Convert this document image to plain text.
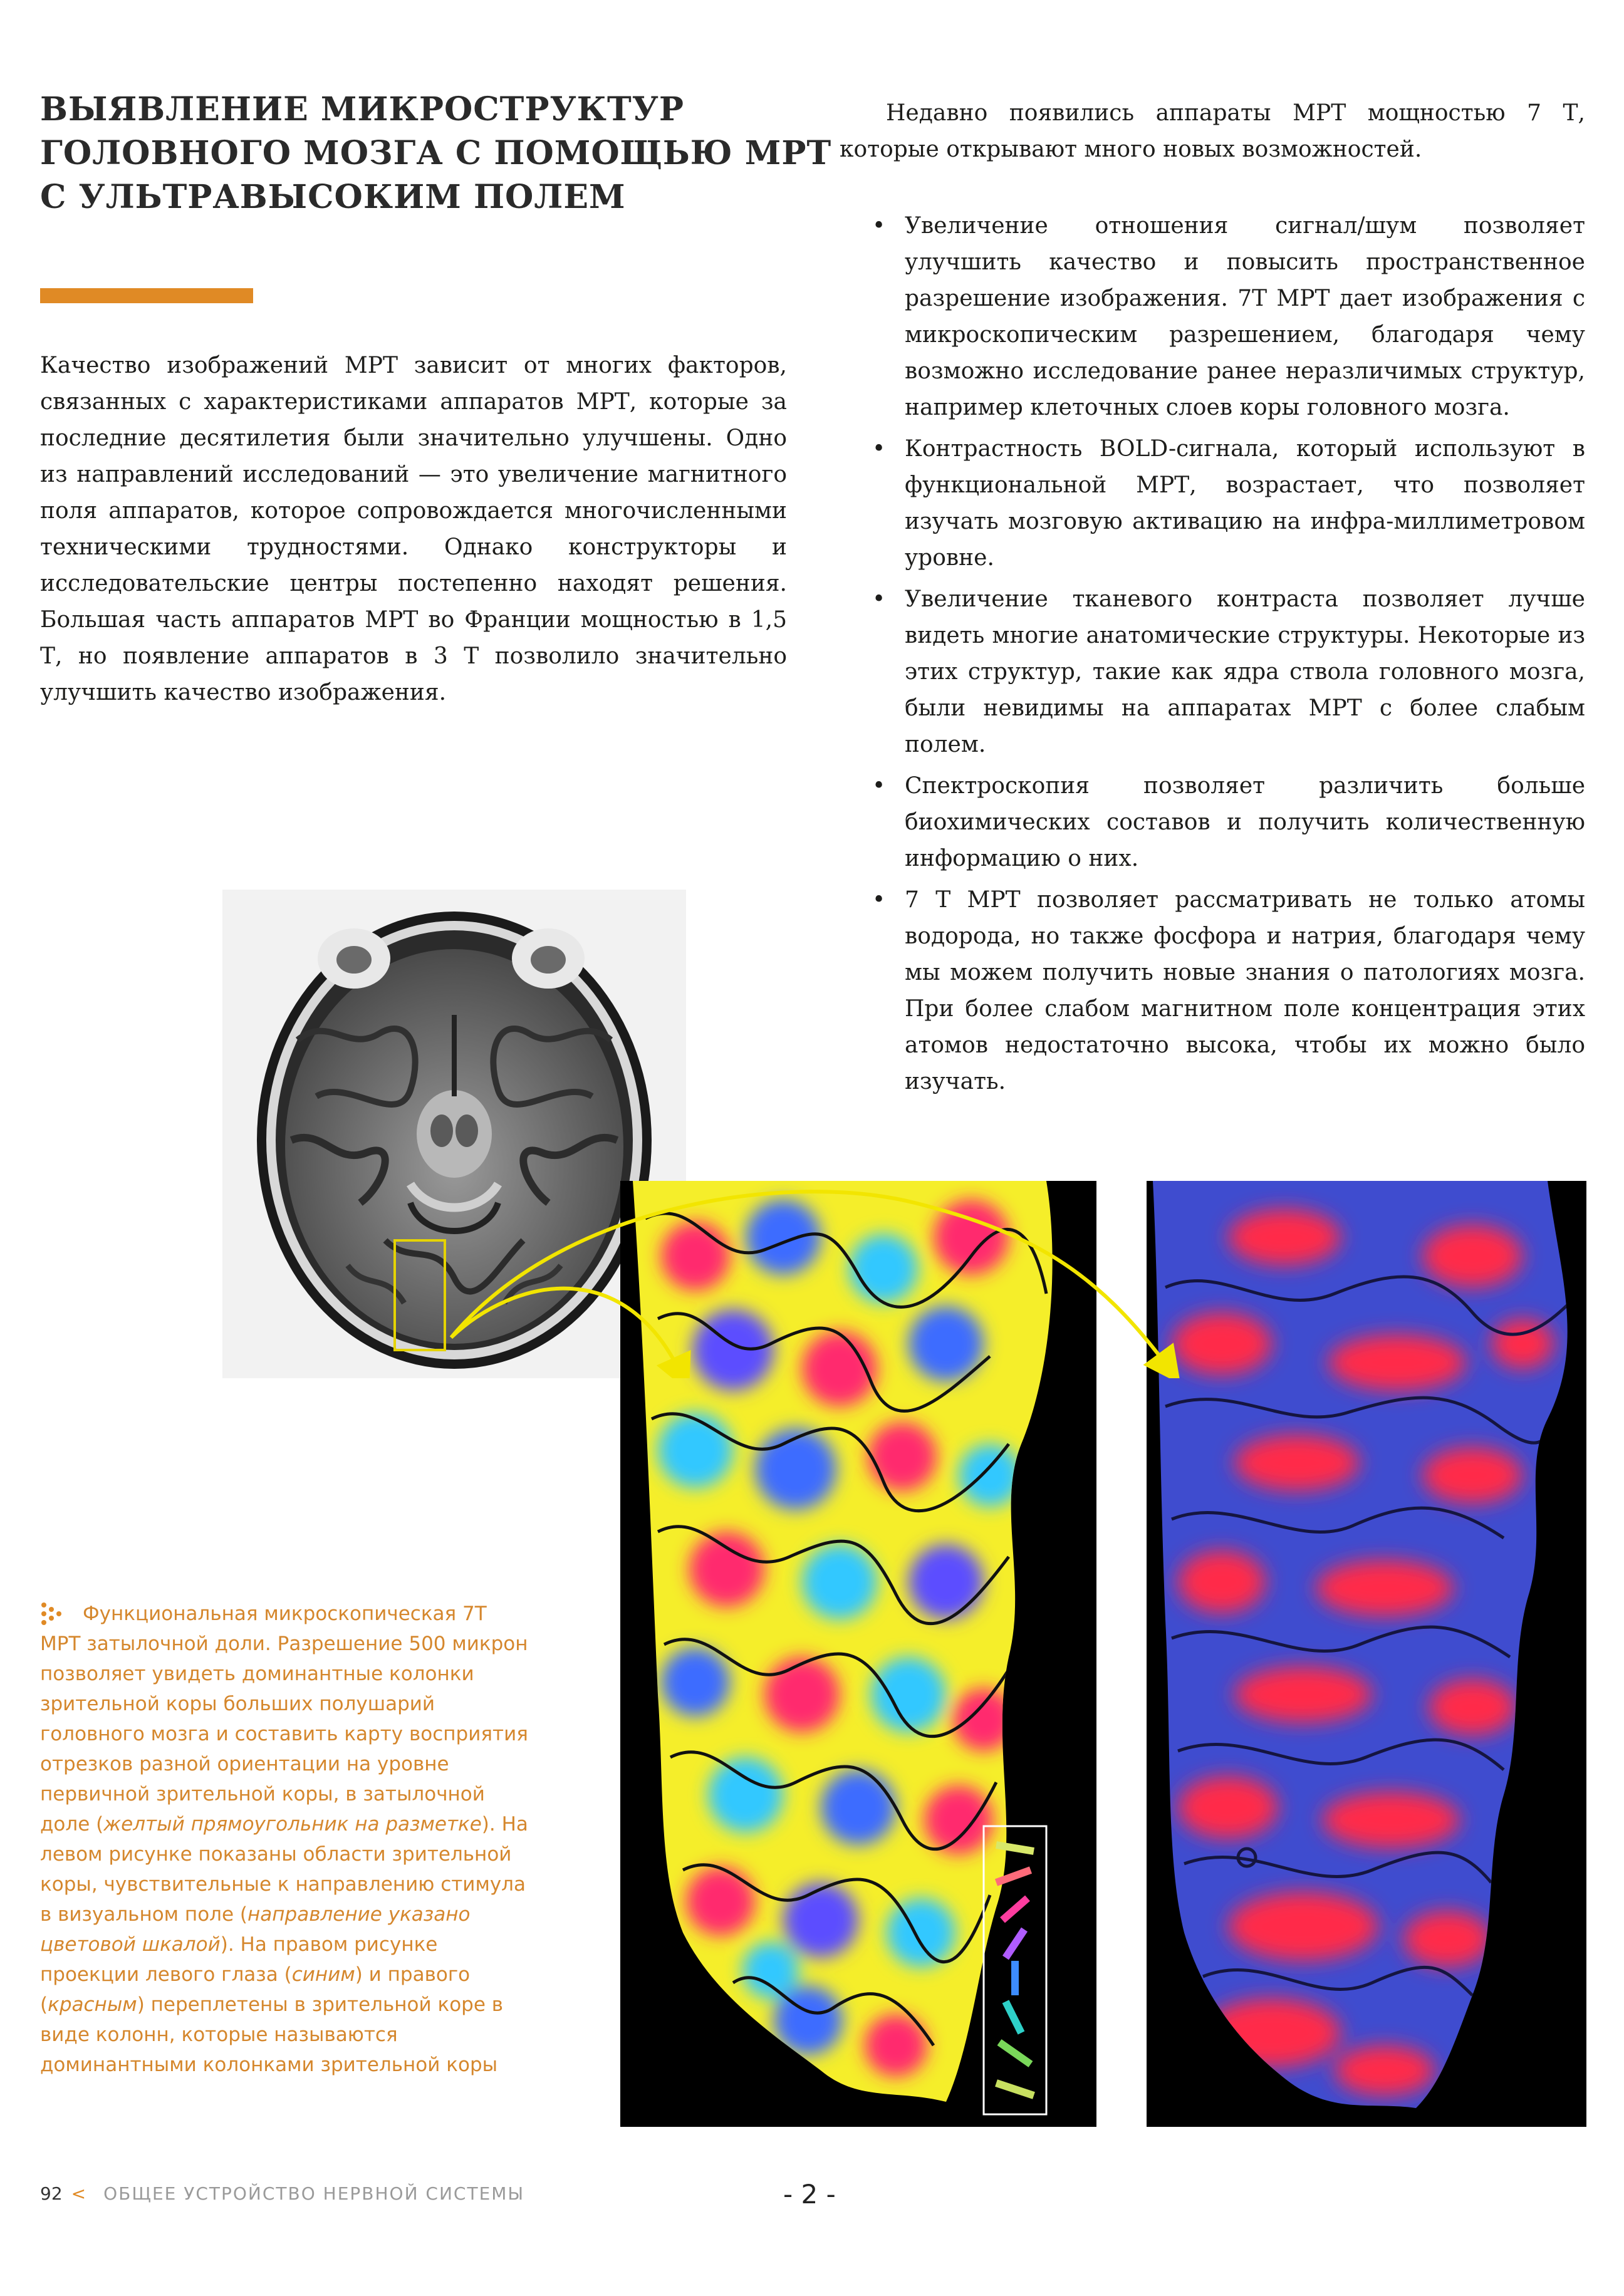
ВЫЯВЛЕНИЕ МИКРОСТРУКТУР
ГОЛОВНОГО МОЗГА С ПОМОЩЬЮ МРТ
С УЛЬТРАВЫСОКИМ ПОЛЕМ

Качество изображений МРТ зависит от многих факторов, связанных с характеристиками аппаратов МРТ, которые за последние десятилетия были значительно улучшены. Одно из направлений исследований — это увеличение магнитного поля аппаратов, которое сопровождается многочисленными техническими трудностями. Однако конструкторы и исследовательские центры постепенно находят решения. Большая часть аппаратов МРТ во Франции мощностью в 1,5 Т, но появление аппаратов в 3 Т позволило значительно улучшить качество изображения.

Недавно появились аппараты МРТ мощностью 7 Т, которые открывают много новых возможностей.

• Увеличение отношения сигнал/шум позволяет улучшить качество и повысить пространственное разрешение изображения. 7Т МРТ дает изображения с микроскопическим разрешением, благодаря чему возможно исследование ранее неразличимых структур, например клеточных слоев коры головного мозга.
• Контрастность BOLD-сигнала, который используют в функциональной МРТ, возрастает, что позволяет изучать мозговую активацию на инфра-миллиметровом уровне.
• Увеличение тканевого контраста позволяет лучше видеть многие анатомические структуры. Некоторые из этих структур, такие как ядра ствола головного мозга, были невидимы на аппаратах МРТ с более слабым полем.
• Спектроскопия позволяет различить больше биохимических составов и получить количественную информацию о них.
• 7 Т МРТ позволяет рассматривать не только атомы водорода, но также фосфора и натрия, благодаря чему мы можем получить новые знания о патологиях мозга. При более слабом магнитном поле концентрация этих атомов недостаточно высока, чтобы их можно было изучать.

Функциональная микроскопическая 7Т МРТ затылочной доли. Разрешение 500 микрон позволяет увидеть доминантные колонки зрительной коры больших полушарий головного мозга и составить карту восприятия отрезков разной ориентации на уровне первичной зрительной коры, в затылочной доле (желтый прямоугольник на разметке). На левом рисунке показаны области зрительной коры, чувствительные к направлению стимула в визуальном поле (направление указано цветовой шкалой). На правом рисунке проекции левого глаза (синим) и правого (красным) переплетены в зрительной коре в виде колонн, которые называются доминантными колонками зрительной коры

92 < ОБЩЕЕ УСТРОЙСТВО НЕРВНОЙ СИСТЕМЫ	- 2 -
